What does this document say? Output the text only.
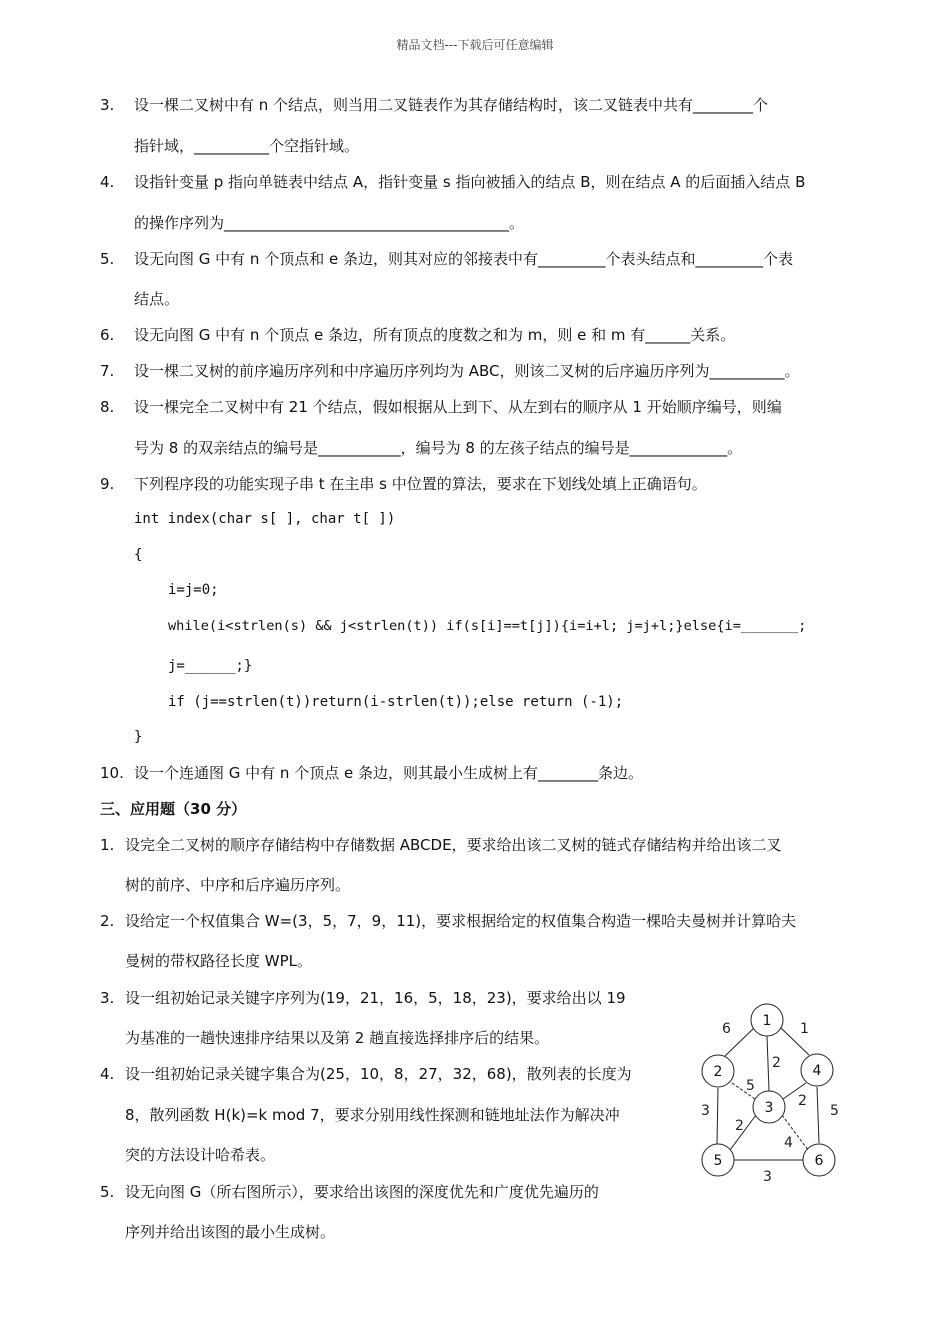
精品文档---下载后可任意编辑
3. 设一棵二叉树中有 n 个结点，则当用二叉链表作为其存储结构时，该二叉链表中共有________个
指针域，__________个空指针域。
4. 设指针变量 p 指向单链表中结点 A，指针变量 s 指向被插入的结点 B，则在结点 A 的后面插入结点 B
的操作序列为______________________________________。
5. 设无向图 G 中有 n 个顶点和 e 条边，则其对应的邻接表中有_________个表头结点和_________个表
结点。
6. 设无向图 G 中有 n 个顶点 e 条边，所有顶点的度数之和为 m，则 e 和 m 有______关系。
7. 设一棵二叉树的前序遍历序列和中序遍历序列均为 ABC，则该二叉树的后序遍历序列为__________。
8. 设一棵完全二叉树中有 21 个结点，假如根据从上到下、从左到右的顺序从 1 开始顺序编号，则编
号为 8 的双亲结点的编号是___________，编号为 8 的左孩子结点的编号是_____________。
9. 下列程序段的功能实现子串 t 在主串 s 中位置的算法，要求在下划线处填上正确语句。
int index(char s[ ], char t[ ])
{
i=j=0;
while(i<strlen(s) && j<strlen(t)) if(s[i]==t[j]){i=i+l; j=j+l;}else{i=_______;
j=______;}
if (j==strlen(t))return(i-strlen(t));else return (-1);
}
10. 设一个连通图 G 中有 n 个顶点 e 条边，则其最小生成树上有________条边。
三、应用题（30 分）
1. 设完全二叉树的顺序存储结构中存储数据 ABCDE，要求给出该二叉树的链式存储结构并给出该二叉
树的前序、中序和后序遍历序列。
2. 设给定一个权值集合 W=(3，5，7，9，11)，要求根据给定的权值集合构造一棵哈夫曼树并计算哈夫
曼树的带权路径长度 WPL。
3. 设一组初始记录关键字序列为(19，21，16，5，18，23)，要求给出以 19
为基准的一趟快速排序结果以及第 2 趟直接选择排序后的结果。
4. 设一组初始记录关键字集合为(25，10，8，27，32，68)，散列表的长度为
8，散列函数 H(k)=k mod 7，要求分别用线性探测和链地址法作为解决冲
突的方法设计哈希表。
5. 设无向图 G（所右图所示），要求给出该图的深度优先和广度优先遍历的
序列并给出该图的最小生成树。
6	1
2
5
2
3	5
2
4
3
1
2
3
4
5	6
